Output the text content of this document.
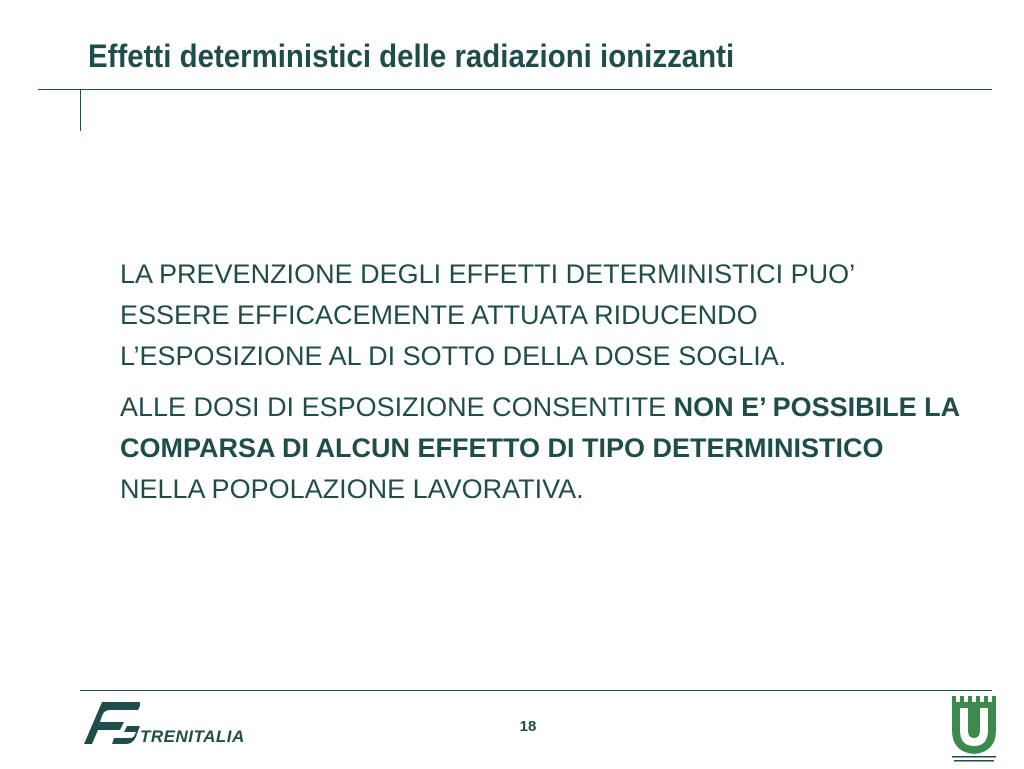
Effetti deterministici delle radiazioni ionizzanti

LA PREVENZIONE DEGLI EFFETTI DETERMINISTICI PUO’ ESSERE EFFICACEMENTE ATTUATA RIDUCENDO L’ESPOSIZIONE AL DI SOTTO DELLA DOSE SOGLIA.

ALLE DOSI DI ESPOSIZIONE CONSENTITE NON E’ POSSIBILE LA COMPARSA DI ALCUN EFFETTO DI TIPO DETERMINISTICO NELLA POPOLAZIONE LAVORATIVA.

TRENITALIA
18
